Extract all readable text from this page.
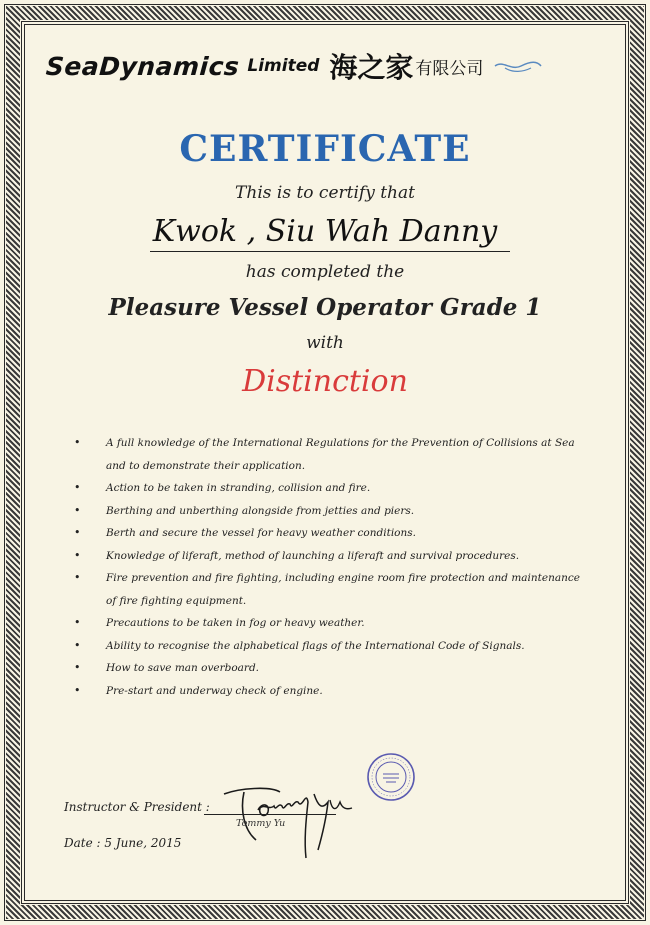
SeaDynamics Limited 海之家 有限公司
CERTIFICATE
This is to certify that
Kwok , Siu Wah Danny
has completed the
Pleasure Vessel Operator Grade 1
with
Distinction
• A full knowledge of the International Regulations for the Prevention of Collisions at Sea and to demonstrate their application.
• Action to be taken in stranding, collision and fire.
• Berthing and unberthing alongside from jetties and piers.
• Berth and secure the vessel for heavy weather conditions.
• Knowledge of liferaft, method of launching a liferaft and survival procedures.
• Fire prevention and fire fighting, including engine room fire protection and maintenance of fire fighting equipment.
• Precautions to be taken in fog or heavy weather.
• Ability to recognise the alphabetical flags of the International Code of Signals.
• How to save man overboard.
• Pre-start and underway check of engine.
Instructor & President :
Tommy Yu
Date : 5 June, 2015
